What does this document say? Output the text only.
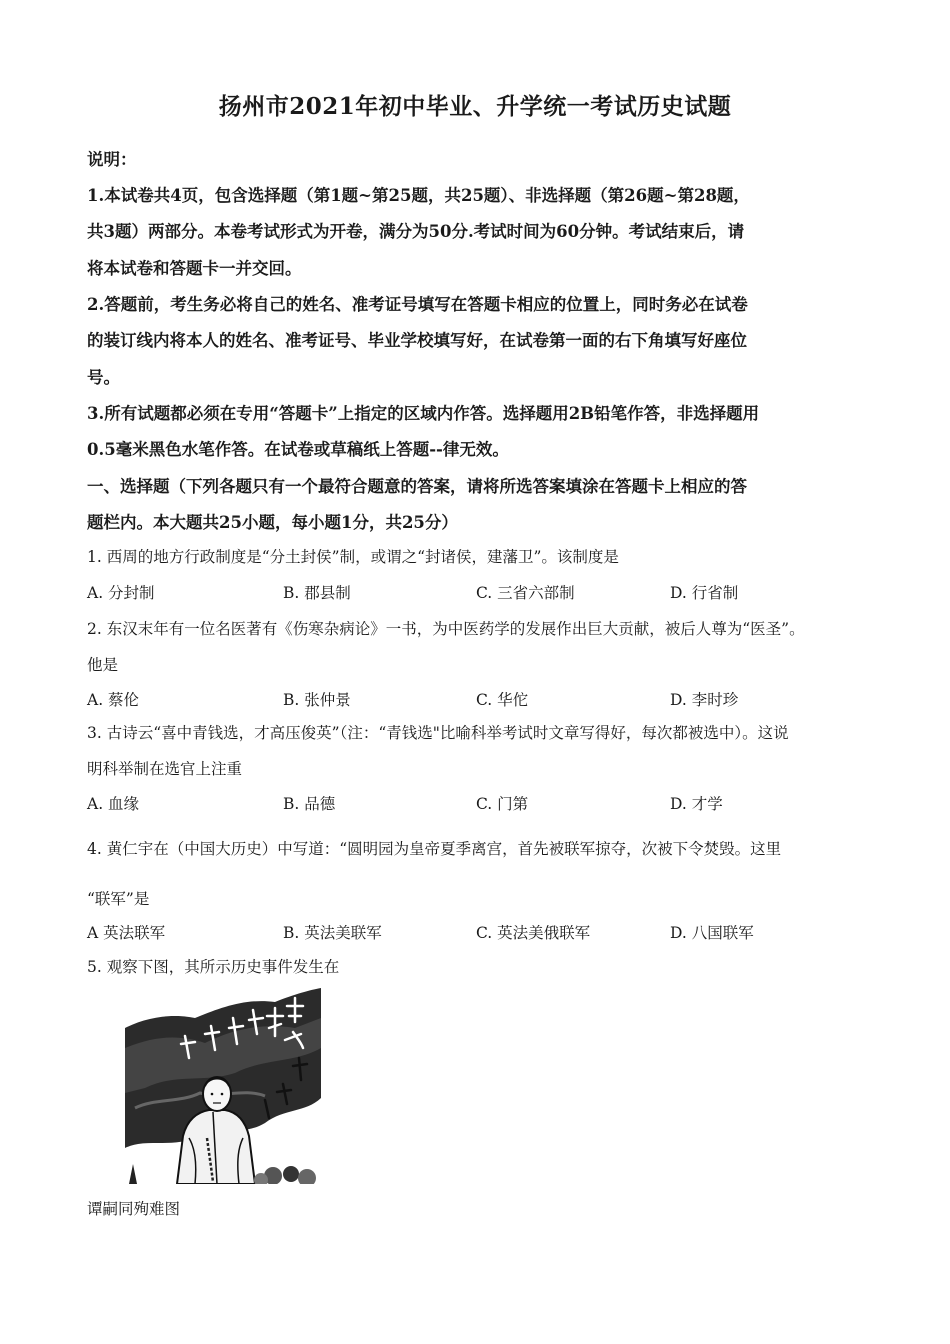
扬州市2021年初中毕业、升学统一考试历史试题
说明：
1.本试卷共4页，包含选择题（第1题~第25题，共25题）、非选择题（第26题~第28题，
共3题）两部分。本卷考试形式为开卷，满分为50分.考试时间为60分钟。考试结束后，请
将本试卷和答题卡一并交回。
2.答题前，考生务必将自己的姓名、准考证号填写在答题卡相应的位置上，同时务必在试卷
的装订线内将本人的姓名、准考证号、毕业学校填写好，在试卷第一面的右下角填写好座位
号。
3.所有试题都必须在专用“答题卡”上指定的区域内作答。选择题用2B铅笔作答，非选择题用
0.5毫米黑色水笔作答。在试卷或草稿纸上答题--律无效。
一、选择题（下列各题只有一个最符合题意的答案，请将所选答案填涂在答题卡上相应的答
题栏内。本大题共25小题，每小题1分，共25分）
1. 西周的地方行政制度是“分土封侯”制，或谓之“封诸侯，建藩卫”。该制度是
A. 分封制	B. 郡县制	C. 三省六部制	D. 行省制
2. 东汉末年有一位名医著有《伤寒杂病论》一书，为中医药学的发展作出巨大贡献，被后人尊为“医圣”。
他是
A. 蔡伦	B. 张仲景	C. 华佗	D. 李时珍
3. 古诗云“喜中青钱选，才高压俊英”（注：“青钱选"比喻科举考试时文章写得好，每次都被选中）。这说
明科举制在选官上注重
A. 血缘	B. 品德	C. 门第	D. 才学
4. 黄仁宇在（中国大历史）中写道：“圆明园为皇帝夏季离宫，首先被联军掠夺，次被下令焚毁。这里
“联军”是
A 英法联军	B. 英法美联军	C. 英法美俄联军	D. 八国联军
5. 观察下图，其所示历史事件发生在
谭嗣同殉难图
